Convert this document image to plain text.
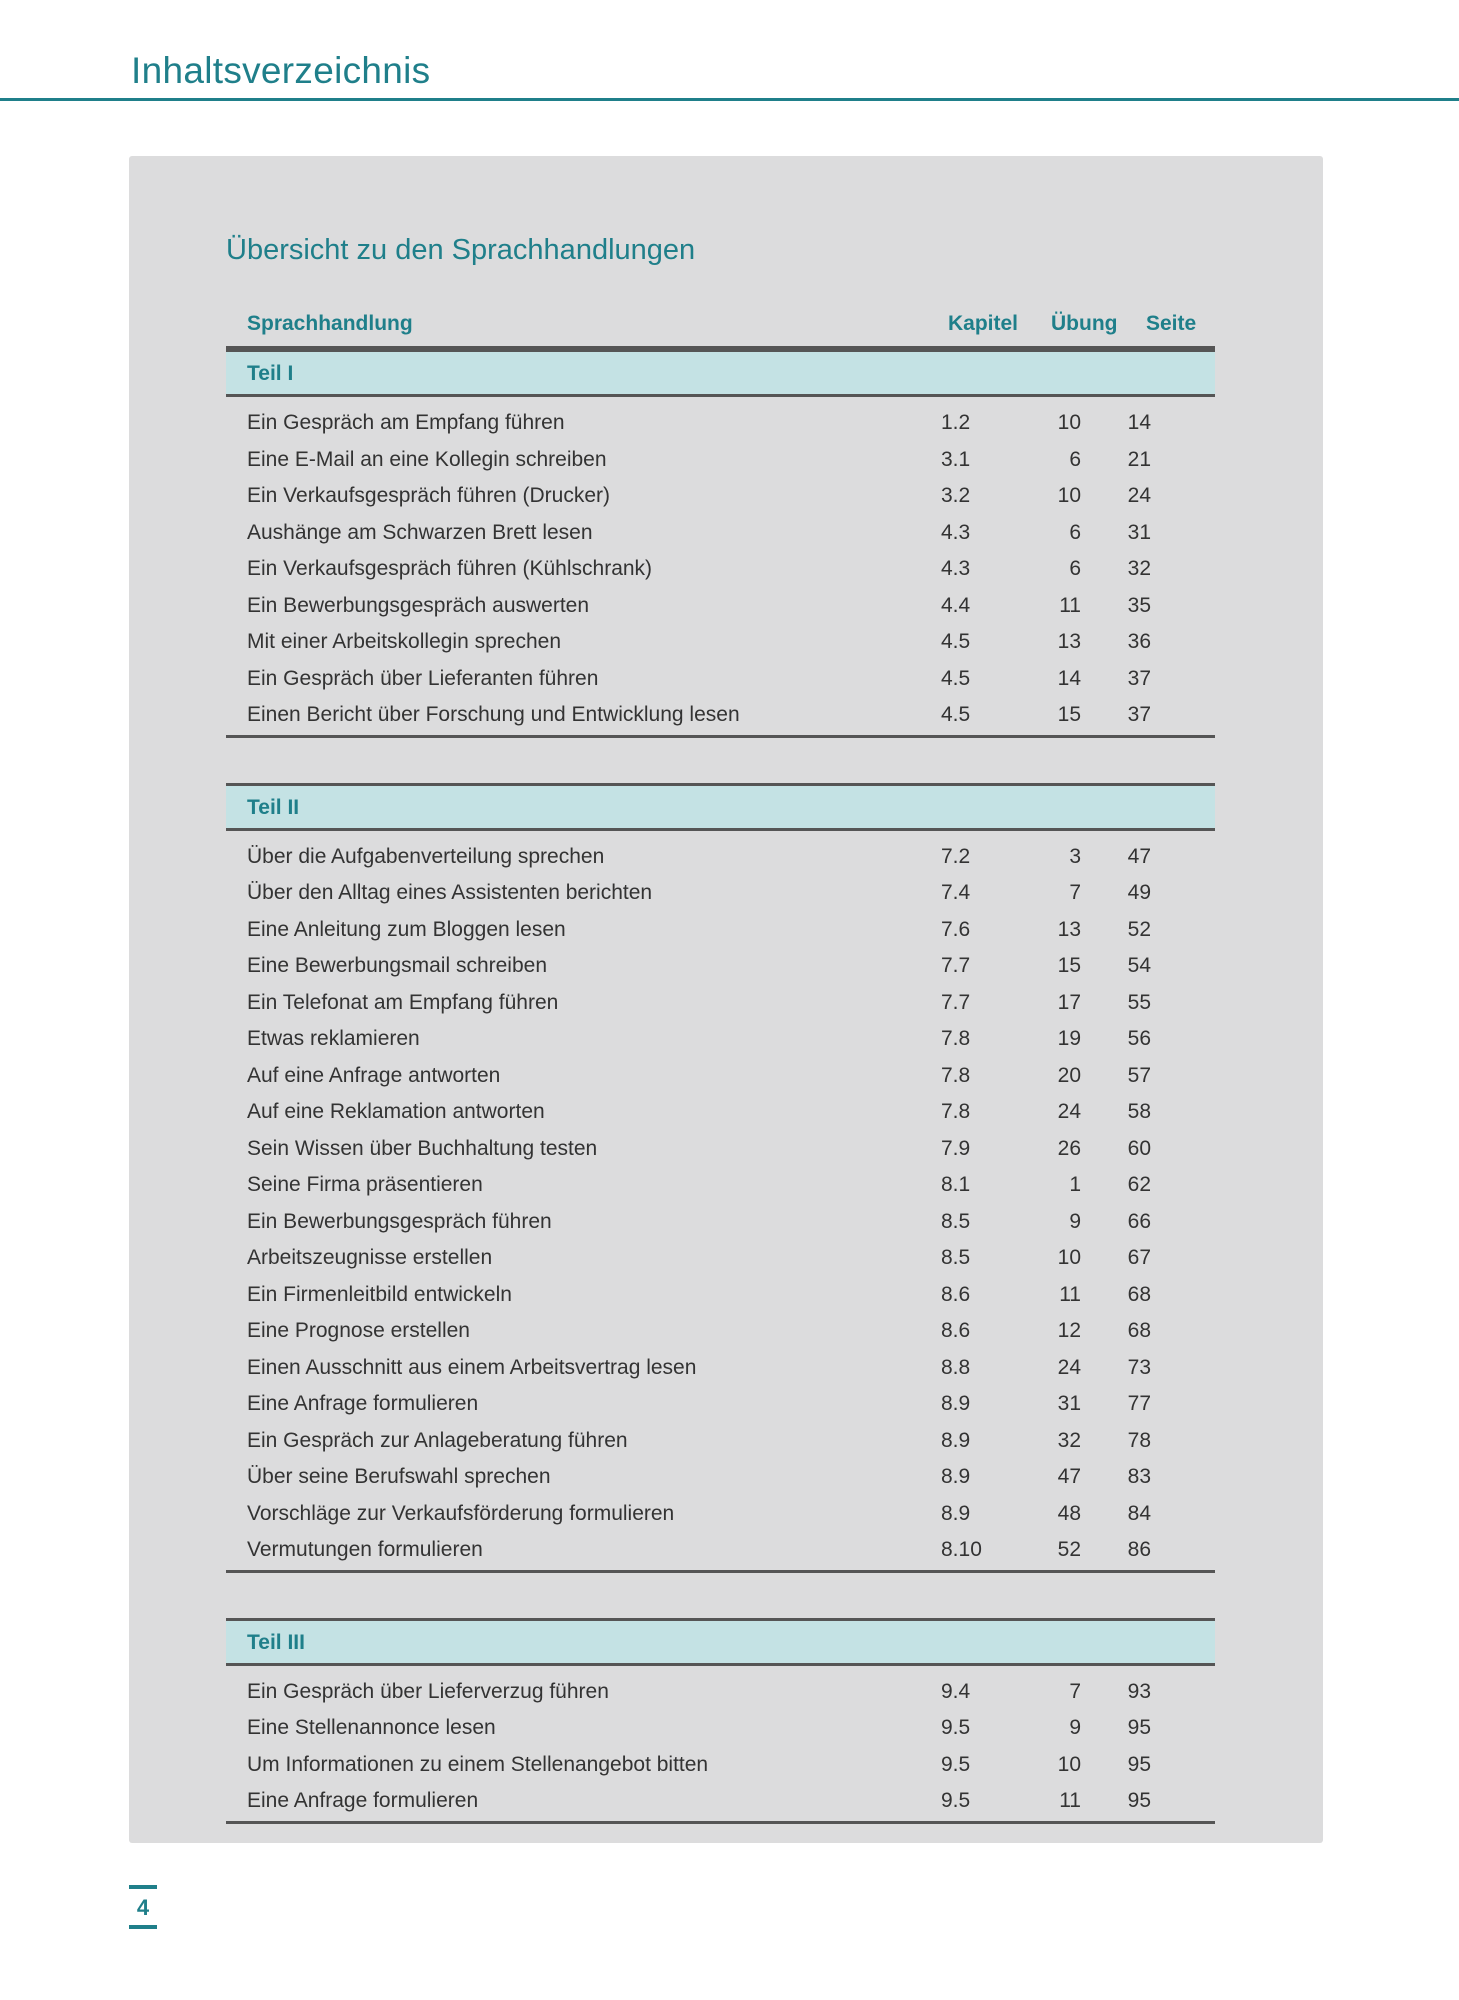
Inhaltsverzeichnis
Übersicht zu den Sprachhandlungen
Sprachhandlung	Kapitel Übung Seite
Teil I
Ein Gespräch am Empfang führen	1.2	10	14
Eine E-Mail an eine Kollegin schreiben	3.1	6	21
Ein Verkaufsgespräch führen (Drucker)	3.2	10	24
Aushänge am Schwarzen Brett lesen	4.3	6	31
Ein Verkaufsgespräch führen (Kühlschrank)	4.3	6	32
Ein Bewerbungsgespräch auswerten	4.4	11	35
Mit einer Arbeitskollegin sprechen	4.5	13	36
Ein Gespräch über Lieferanten führen	4.5	14	37
Einen Bericht über Forschung und Entwicklung lesen	4.5	15	37
Teil II
Über die Aufgabenverteilung sprechen	7.2	3	47
Über den Alltag eines Assistenten berichten	7.4	7	49
Eine Anleitung zum Bloggen lesen	7.6	13	52
Eine Bewerbungsmail schreiben	7.7	15	54
Ein Telefonat am Empfang führen	7.7	17	55
Etwas reklamieren	7.8	19	56
Auf eine Anfrage antworten	7.8	20	57
Auf eine Reklamation antworten	7.8	24	58
Sein Wissen über Buchhaltung testen	7.9	26	60
Seine Firma präsentieren	8.1	1	62
Ein Bewerbungsgespräch führen	8.5	9	66
Arbeitszeugnisse erstellen	8.5	10	67
Ein Firmenleitbild entwickeln	8.6	11	68
Eine Prognose erstellen	8.6	12	68
Einen Ausschnitt aus einem Arbeitsvertrag lesen	8.8	24	73
Eine Anfrage formulieren	8.9	31	77
Ein Gespräch zur Anlageberatung führen	8.9	32	78
Über seine Berufswahl sprechen	8.9	47	83
Vorschläge zur Verkaufsförderung formulieren	8.9	48	84
Vermutungen formulieren	8.10	52	86
Teil III
Ein Gespräch über Lieferverzug führen	9.4	7	93
Eine Stellenannonce lesen	9.5	9	95
Um Informationen zu einem Stellenangebot bitten	9.5	10	95
Eine Anfrage formulieren	9.5	11	95
4
